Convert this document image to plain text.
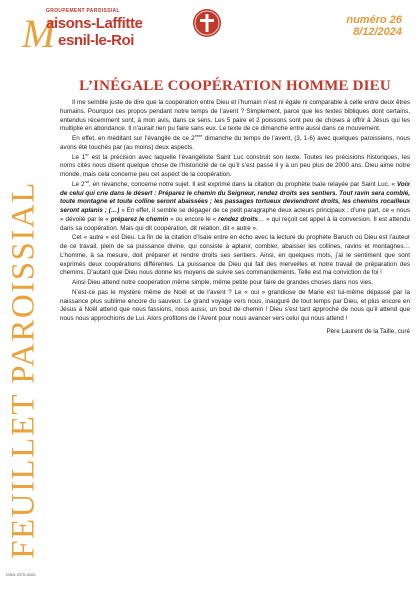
M
GROUPEMENT PAROISSIAL
aisons-Laffitte
esnil-le-Roi
numéro 26
8/12/2024
FEUILLET PAROISSIAL
ISSN 2970-0264
L’INÉGALE COOPÉRATION HOMME DIEU

Il me semble juste de dire que la coopération entre Dieu et l’humain n’est ni égale ni comparable à celle entre deux êtres humains. Pourquoi ces propos pendant notre temps de l’avent ? Simplement, parce que les textes bibliques dont certains, entendus récemment sont, à mon avis, dans ce sens. Les 5 paire et 2 poissons sont peu de choses à offrir à Jésus qui les multiplie en abondance. Il n’aurait rien pu faire sans eux. Le texte de ce dimanche entre aussi dans ce mouvement.

En effet, en méditant sur l’évangile de ce 2ème dimanche du temps de l’avent, (3, 1-6) avec quelques paroissiens, nous avons été touchés par (au moins) deux aspects.

Le 1er est la précision avec laquelle l’évangéliste Saint Luc construit son texte. Toutes les précisions historiques, les noms cités nous disent quelque chose de l’historicité de ce qu’il s’est passé il y a un peu plus de 2000 ans. Dieu aime notre monde, mais cela concerne peu cet aspect de la coopération.

Le 2nd, en revanche, concerne notre sujet. Il est exprimé dans la citation du prophète Isaïe relayée par Saint Luc. « Voix de celui qui crie dans le désert : Préparez le chemin du Seigneur, rendez droits ses sentiers. Tout ravin sera comblé, toute montagne et toute colline seront abaissées ; les passages tortueux deviendront droits, les chemins rocailleux seront aplanis ; (…) » En effet, il semble se dégager de ce petit paragraphe deux acteurs principaux ; d’une part, ce « nous » dévoilé par le « préparez le chemin » ou encore le « rendez droits… » qui reçoit cet appel à la conversion. Il est attendu dans sa coopération. Mais qui dit coopération, dit relation, dit « autre ».

Cet « autre » est Dieu. La fin de la citation d’Isaïe entre en écho avec la lecture du prophète Baruch où Dieu est l’auteur de ce travail, plein de sa puissance divine, qui consiste à aplanir, combler, abaisser les collines, ravins et montagnes… L’homme, à sa mesure, doit préparer et rendre droits ses sentiers. Ainsi, en quelques mots, j’ai le sentiment que sont exprimés deux coopérations différentes. La puissance de Dieu qui fait des merveilles et notre travail de préparation des chemins. D’autant que Dieu nous donne les moyens de suivre ses commandements. Telle est ma conviction de foi !

Ainsi Dieu attend notre coopération même simple, même petite pour faire de grandes choses dans nos vies.

N’est-ce pas le mystère même de Noël et de l’avent ? Le « oui » grandiose de Marie est lui-même dépassé par la naissance plus sublime encore du sauveur. Le grand voyage vers nous, inauguré de tout temps par Dieu, et plus encore en Jésus à Noël attend que nous fassions, nous aussi, un bout de chemin ! Dieu s’est tant approché de nous qu’il attend que nous nous approchions de Lui. Alors profitons de l’Avent pour nous avancer vers celui qui nous attend !

Père Laurent de la Taille, curé
